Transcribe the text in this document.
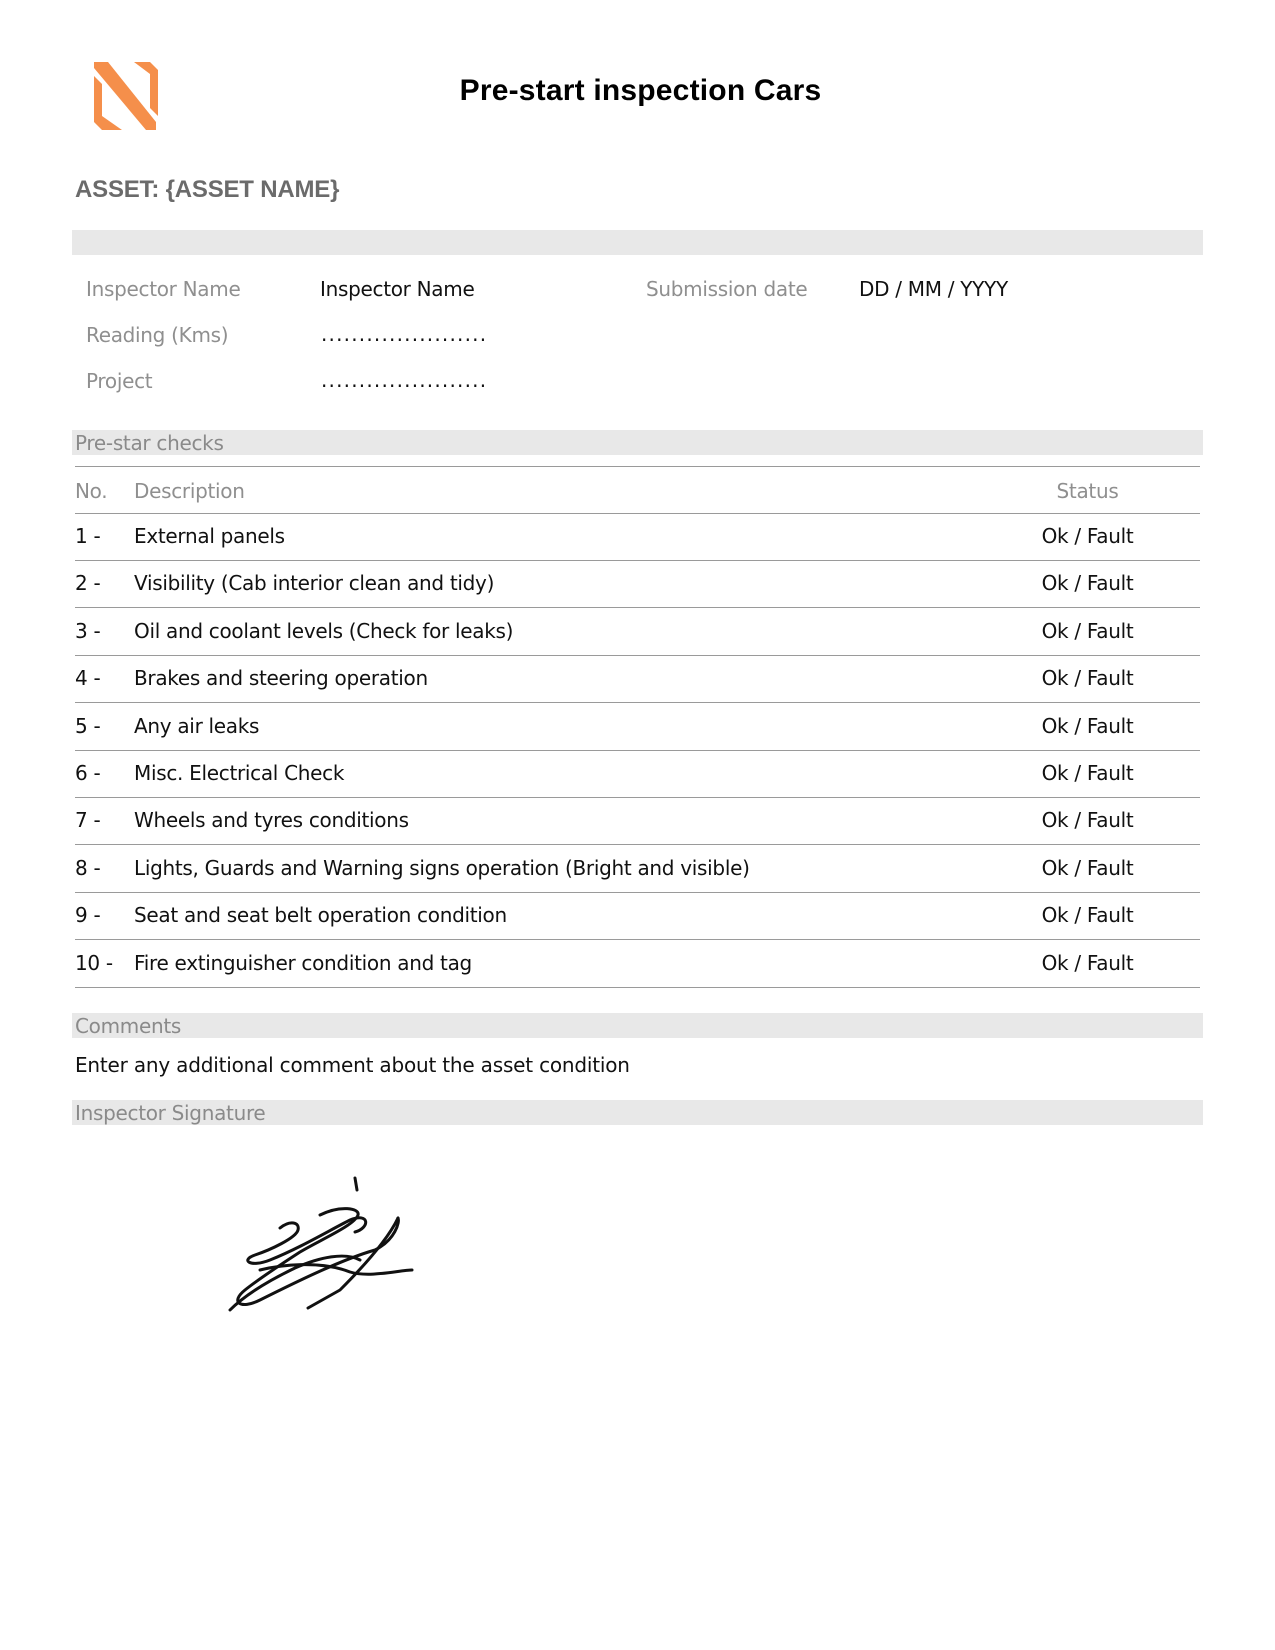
Pre-start inspection Cars
ASSET: {ASSET NAME}
Inspector Name	Inspector Name
Reading (Kms)	......................
Project	......................
Submission date	DD / MM / YYYY
Pre-star checks
No. Description	Status
1 - External panels	Ok / Fault
2 - Visibility (Cab interior clean and tidy)	Ok / Fault
3 - Oil and coolant levels (Check for leaks)	Ok / Fault
4 - Brakes and steering operation	Ok / Fault
5 - Any air leaks	Ok / Fault
6 - Misc. Electrical Check	Ok / Fault
7 - Wheels and tyres conditions	Ok / Fault
8 - Lights, Guards and Warning signs operation (Bright and visible)	Ok / Fault
9 - Seat and seat belt operation condition	Ok / Fault
10 - Fire extinguisher condition and tag	Ok / Fault
Comments
Enter any additional comment about the asset condition
Inspector Signature
